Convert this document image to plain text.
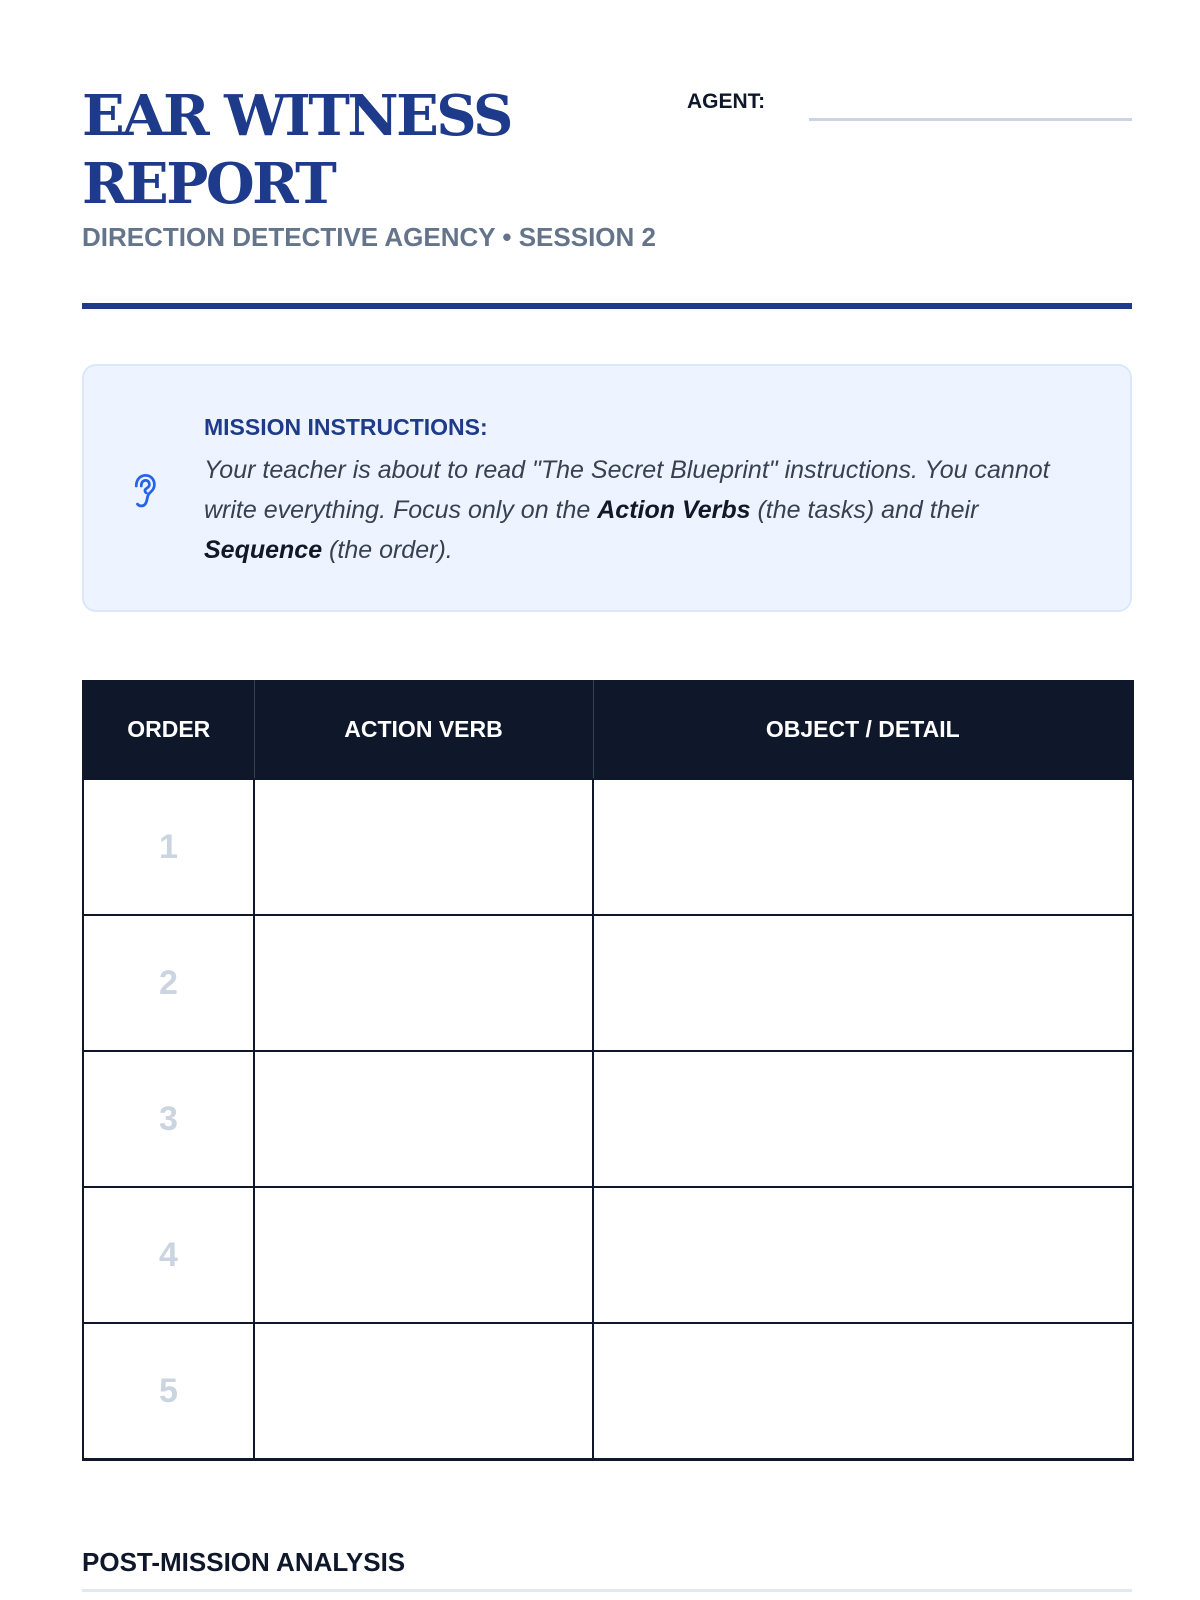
EAR WITNESS
REPORT
DIRECTION DETECTIVE AGENCY • SESSION 2
AGENT:
MISSION INSTRUCTIONS:
Your teacher is about to read "The Secret Blueprint" instructions. You cannot write everything. Focus only on the Action Verbs (the tasks) and their Sequence (the order).
ORDER	ACTION VERB	OBJECT / DETAIL
1		
2		
3		
4		
5		
POST-MISSION ANALYSIS
